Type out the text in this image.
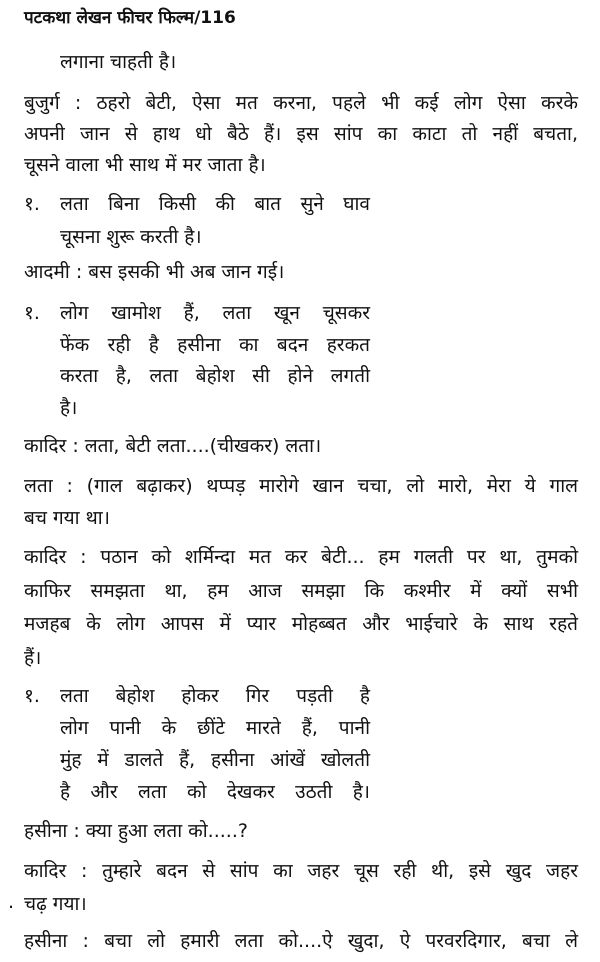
पटकथा लेखन फीचर फिल्म/116
लगाना चाहती है।
बुजुर्ग : ठहरो बेटी, ऐसा मत करना, पहले भी कई लोग ऐसा करके
अपनी जान से हाथ धो बैठे हैं। इस सांप का काटा तो नहीं बचता,
चूसने वाला भी साथ में मर जाता है।
१. लता बिना किसी की बात सुने घाव
चूसना शुरू करती है।
आदमी : बस इसकी भी अब जान गई।
१. लोग खामोश हैं, लता खून चूसकर
फेंक रही है हसीना का बदन हरकत
करता है, लता बेहोश सी होने लगती
है।
कादिर : लता, बेटी लता....(चीखकर) लता।
लता : (गाल बढ़ाकर) थप्पड़ मारोगे खान चचा, लो मारो, मेरा ये गाल
बच गया था।
कादिर : पठान को शर्मिन्दा मत कर बेटी... हम गलती पर था, तुमको
काफिर समझता था, हम आज समझा कि कश्मीर में क्यों सभी
मजहब के लोग आपस में प्यार मोहब्बत और भाईचारे के साथ रहते
हैं।
१. लता बेहोश होकर गिर पड़ती है
लोग पानी के छींटे मारते हैं, पानी
मुंह में डालते हैं, हसीना आंखें खोलती
है और लता को देखकर उठती है।
हसीना : क्या हुआ लता को.....?
कादिर : तुम्हारे बदन से सांप का जहर चूस रही थी, इसे खुद जहर
. चढ़ गया।
हसीना : बचा लो हमारी लता को....ऐ खुदा, ऐ परवरदिगार, बचा ले
